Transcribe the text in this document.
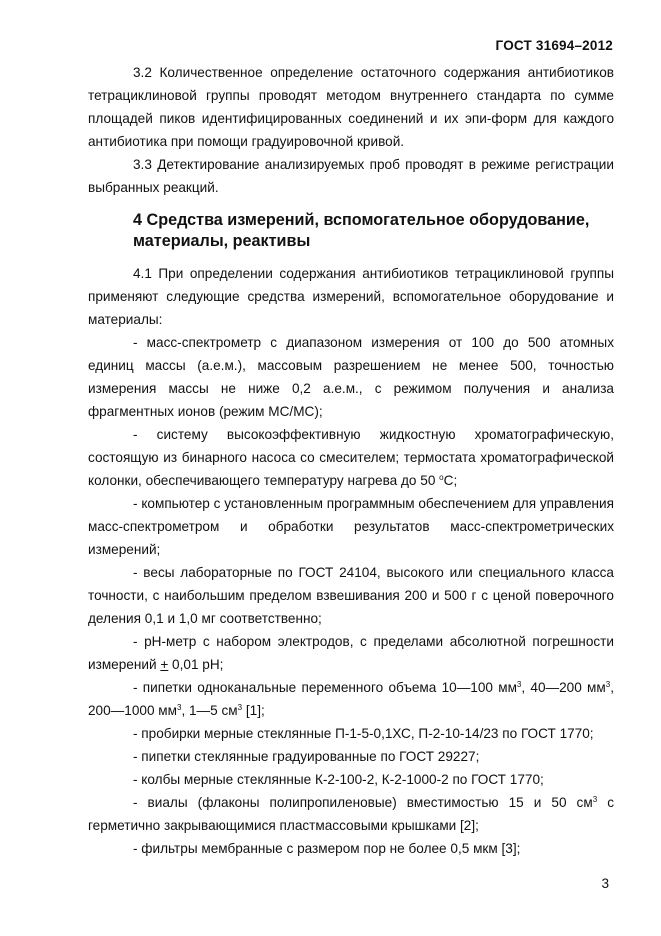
ГОСТ 31694–2012
3.2 Количественное определение остаточного содержания антибиотиков тетрациклиновой группы проводят методом внутреннего стандарта по сумме площадей пиков идентифицированных соединений и их эпи-форм для каждого антибиотика при помощи градуировочной кривой.
3.3 Детектирование анализируемых проб проводят в режиме регистрации выбранных реакций.
4 Средства измерений, вспомогательное оборудование,
материалы, реактивы
4.1 При определении содержания антибиотиков тетрациклиновой группы применяют следующие средства измерений, вспомогательное оборудование и материалы:
- масс-спектрометр с диапазоном измерения от 100 до 500 атомных единиц массы (а.е.м.), массовым разрешением не менее 500, точностью измерения массы не ниже 0,2 а.е.м., с режимом получения и анализа фрагментных ионов (режим МС/МС);
- систему высокоэффективную жидкостную хроматографическую, состоящую из бинарного насоса со смесителем; термостата хроматографической колонки, обеспечивающего температуру нагрева до 50 $^o$C;
- компьютер с установленным программным обеспечением для управления масс-спектрометром и обработки результатов масс-спектрометрических измерений;
- весы лабораторные по ГОСТ 24104, высокого или специального класса точности, с наибольшим пределом взвешивания 200 и 500 г с ценой поверочного деления 0,1 и 1,0 мг соответственно;
- рН-метр с набором электродов, с пределами абсолютной погрешности измерений + 0,01 рН;
- пипетки одноканальные переменного объема 10—100 $мм^3$, 40—200 $мм^3$, 200—1000 $мм^3$, 1—5 $см^3$ [1];
- пробирки мерные стеклянные П-1-5-0,1ХС, П-2-10-14/23 по ГОСТ 1770;
- пипетки стеклянные градуированные по ГОСТ 29227;
- колбы мерные стеклянные К-2-100-2, К-2-1000-2 по ГОСТ 1770;
- виалы (флаконы полипропиленовые) вместимостью 15 и 50 $см^3$ с герметично закрывающимися пластмассовыми крышками [2];
- фильтры мембранные с размером пор не более 0,5 мкм [3];
3
